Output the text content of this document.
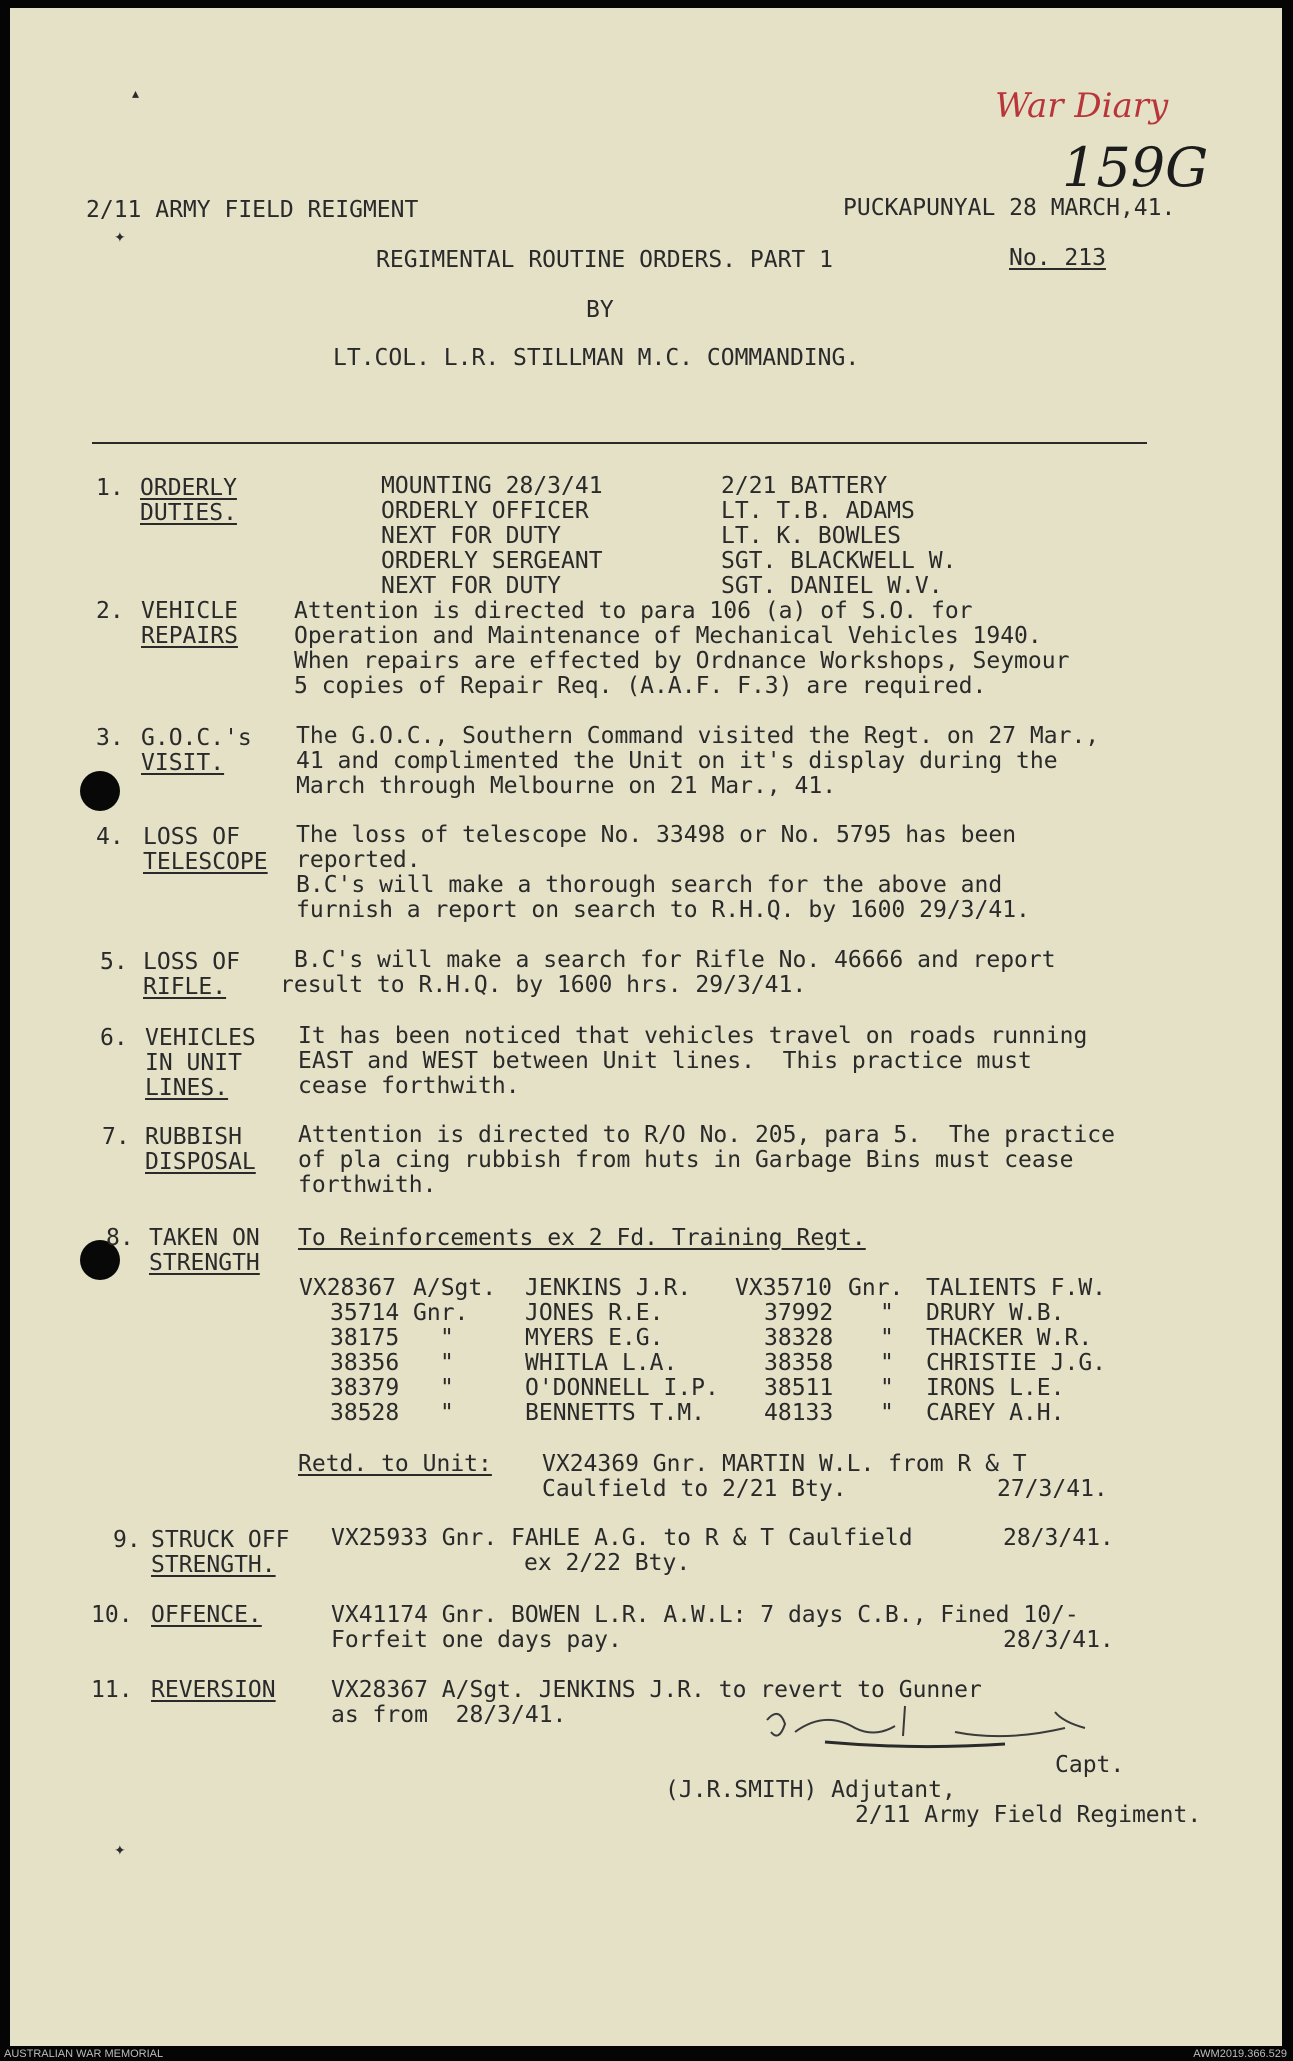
War Diary
159G
▴
✦
✦
2/11 ARMY FIELD REIGMENT	PUCKAPUNYAL 28 MARCH,41.
REGIMENTAL ROUTINE ORDERS. PART 1	No. 213
BY
LT.COL. L.R. STILLMAN M.C. COMMANDING.
1. ORDERLY
DUTIES.
MOUNTING 28/3/41	2/21 BATTERY
ORDERLY OFFICER	LT. T.B. ADAMS
NEXT FOR DUTY	LT. K. BOWLES
ORDERLY SERGEANT	SGT. BLACKWELL W.
NEXT FOR DUTY	SGT. DANIEL W.V.
2. VEHICLE
REPAIRS
Attention is directed to para 106 (a) of S.O. for
Operation and Maintenance of Mechanical Vehicles 1940.
When repairs are effected by Ordnance Workshops, Seymour
5 copies of Repair Req. (A.A.F. F.3) are required.
3. G.O.C.'s
VISIT.
The G.O.C., Southern Command visited the Regt. on 27 Mar.,
41 and complimented the Unit on it's display during the
March through Melbourne on 21 Mar., 41.
4. LOSS OF
TELESCOPE
The loss of telescope No. 33498 or No. 5795 has been
reported.
B.C's will make a thorough search for the above and
furnish a report on search to R.H.Q. by 1600 29/3/41.
5. LOSS OF
RIFLE.
B.C's will make a search for Rifle No. 46666 and report
result to R.H.Q. by 1600 hrs. 29/3/41.
6. VEHICLES
IN UNIT
LINES.
It has been noticed that vehicles travel on roads running
EAST and WEST between Unit lines.  This practice must
cease forthwith.
7. RUBBISH
DISPOSAL
Attention is directed to R/O No. 205, para 5.  The practice
of pla cing rubbish from huts in Garbage Bins must cease
forthwith.
8. TAKEN ON
STRENGTH
To Reinforcements ex 2 Fd. Training Regt.
VX28367 A/Sgt. JENKINS J.R. VX35710 Gnr. TALIENTS F.W.
35714 Gnr. JONES R.E.	37992 " DRURY W.B.
38175 "	MYERS E.G.	38328 " THACKER W.R.
38356 "	WHITLA L.A.	38358 " CHRISTIE J.G.
38379 "	O'DONNELL I.P. 38511 " IRONS L.E.
38528 "	BENNETTS T.M.	48133 " CAREY A.H.
Retd. to Unit: VX24369 Gnr. MARTIN W.L. from R & T
Caulfield to 2/21 Bty.	27/3/41.
9. STRUCK OFF
STRENGTH.
VX25933 Gnr. FAHLE A.G. to R & T Caulfield
ex 2/22 Bty.
28/3/41.
10. OFFENCE.	VX41174 Gnr. BOWEN L.R. A.W.L: 7 days C.B., Fined 10/-
Forfeit one days pay.	28/3/41.
11. REVERSION VX28367 A/Sgt. JENKINS J.R. to revert to Gunner
as from  28/3/41.
Capt.
(J.R.SMITH) Adjutant,
2/11 Army Field Regiment.
AUSTRALIAN WAR MEMORIAL	AWM2019.366.529
